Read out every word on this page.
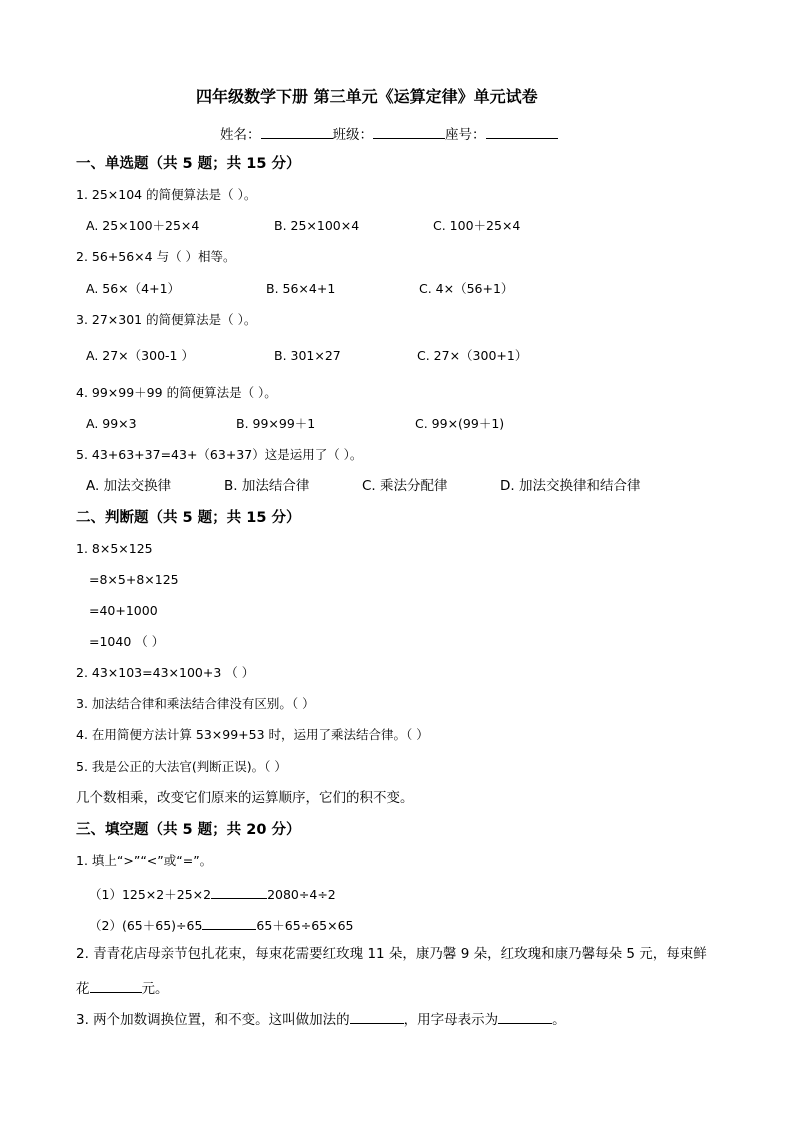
四年级数学下册 第三单元《运算定律》单元试卷
姓名：	班级：	座号：
一、单选题（共 5 题；共 15 分）
1. 25×104 的简便算法是（ ）。
A. 25×100＋25×4	B. 25×100×4	C. 100＋25×4
2. 56+56×4 与（ ）相等。
A. 56×（4+1）	B. 56×4+1	C. 4×（56+1）
3. 27×301 的简便算法是（ ）。
A. 27×（300-1 ）	B. 301×27	C. 27×（300+1）
4. 99×99＋99 的简便算法是（ ）。
A. 99×3	B. 99×99＋1	C. 99×(99＋1)
5. 43+63+37=43+（63+37）这是运用了（ ）。
A. 加法交换律	B. 加法结合律	C. 乘法分配律	D. 加法交换律和结合律
二、判断题（共 5 题；共 15 分）
1. 8×5×125
=8×5+8×125
=40+1000
=1040 （ ）
2. 43×103=43×100+3 （ ）
3. 加法结合律和乘法结合律没有区别。（ ）
4. 在用简便方法计算 53×99+53 时，运用了乘法结合律。（ ）
5. 我是公正的大法官(判断正误)。（ ）
几个数相乘，改变它们原来的运算顺序，它们的积不变。
三、填空题（共 5 题；共 20 分）
1. 填上“>”“<”或“=”。
（1）125×2＋25×2	2080÷4÷2
（2）(65＋65)÷65	65＋65÷65×65
2. 青青花店母亲节包扎花束，每束花需要红玫瑰 11 朵，康乃馨 9 朵，红玫瑰和康乃馨每朵 5 元，每束鲜
花	元。
3. 两个加数调换位置，和不变。这叫做加法的	，用字母表示为	。
